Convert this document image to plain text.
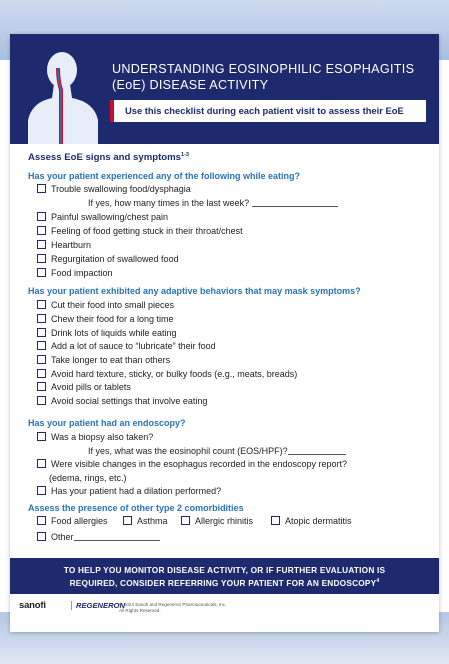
UNDERSTANDING EOSINOPHILIC ESOPHAGITIS (EoE) DISEASE ACTIVITY
Use this checklist during each patient visit to assess their EoE
Assess EoE signs and symptoms$^{1-3}$
Has your patient experienced any of the following while eating?
Trouble swallowing food/dysphagia
If yes, how many times in the last week?
Painful swallowing/chest pain
Feeling of food getting stuck in their throat/chest
Heartburn
Regurgitation of swallowed food
Food impaction
Has your patient exhibited any adaptive behaviors that may mask symptoms?
Cut their food into small pieces
Chew their food for a long time
Drink lots of liquids while eating
Add a lot of sauce to “lubricate” their food
Take longer to eat than others
Avoid hard texture, sticky, or bulky foods (e.g., meats, breads)
Avoid pills or tablets
Avoid social settings that involve eating
Has your patient had an endoscopy?
Was a biopsy also taken?
If yes, what was the eosinophil count (EOS/HPF)?
Were visible changes in the esophagus recorded in the endoscopy report?
(edema, rings, etc.)
Has your patient had a dilation performed?
Assess the presence of other type 2 comorbidities
Food allergies	Asthma	Allergic rhinitis	Atopic dermatitis
Other
TO HELP YOU MONITOR DISEASE ACTIVITY, OR IF FURTHER EVALUATION IS
REQUIRED, CONSIDER REFERRING YOUR PATIENT FOR AN ENDOSCOPY$^4$
sanofi	REGENERON
© 2024 Sanofi and Regeneron Pharmaceuticals, Inc.
All Rights Reserved.
